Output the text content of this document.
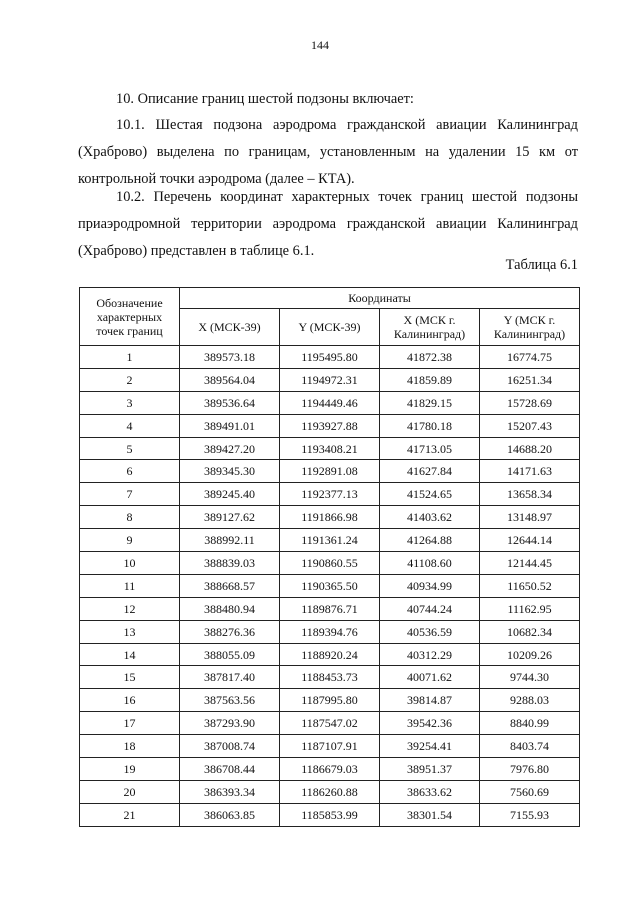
144
10. Описание границ шестой подзоны включает:
10.1. Шестая подзона аэродрома гражданской авиации Калининград (Храброво) выделена по границам, установленным на удалении 15 км от контрольной точки аэродрома (далее – КТА).
10.2. Перечень координат характерных точек границ шестой подзоны приаэродромной территории аэродрома гражданской авиации Калининград (Храброво) представлен в таблице 6.1.
Таблица 6.1
Обозначение характерных точек границ	Координаты			
	X (МСК-39)	Y (МСК-39)	X (МСК г. Калининград)	Y (МСК г. Калининград)
1	389573.18	1195495.80	41872.38	16774.75
2	389564.04	1194972.31	41859.89	16251.34
3	389536.64	1194449.46	41829.15	15728.69
4	389491.01	1193927.88	41780.18	15207.43
5	389427.20	1193408.21	41713.05	14688.20
6	389345.30	1192891.08	41627.84	14171.63
7	389245.40	1192377.13	41524.65	13658.34
8	389127.62	1191866.98	41403.62	13148.97
9	388992.11	1191361.24	41264.88	12644.14
10	388839.03	1190860.55	41108.60	12144.45
11	388668.57	1190365.50	40934.99	11650.52
12	388480.94	1189876.71	40744.24	11162.95
13	388276.36	1189394.76	40536.59	10682.34
14	388055.09	1188920.24	40312.29	10209.26
15	387817.40	1188453.73	40071.62	9744.30
16	387563.56	1187995.80	39814.87	9288.03
17	387293.90	1187547.02	39542.36	8840.99
18	387008.74	1187107.91	39254.41	8403.74
19	386708.44	1186679.03	38951.37	7976.80
20	386393.34	1186260.88	38633.62	7560.69
21	386063.85	1185853.99	38301.54	7155.93
